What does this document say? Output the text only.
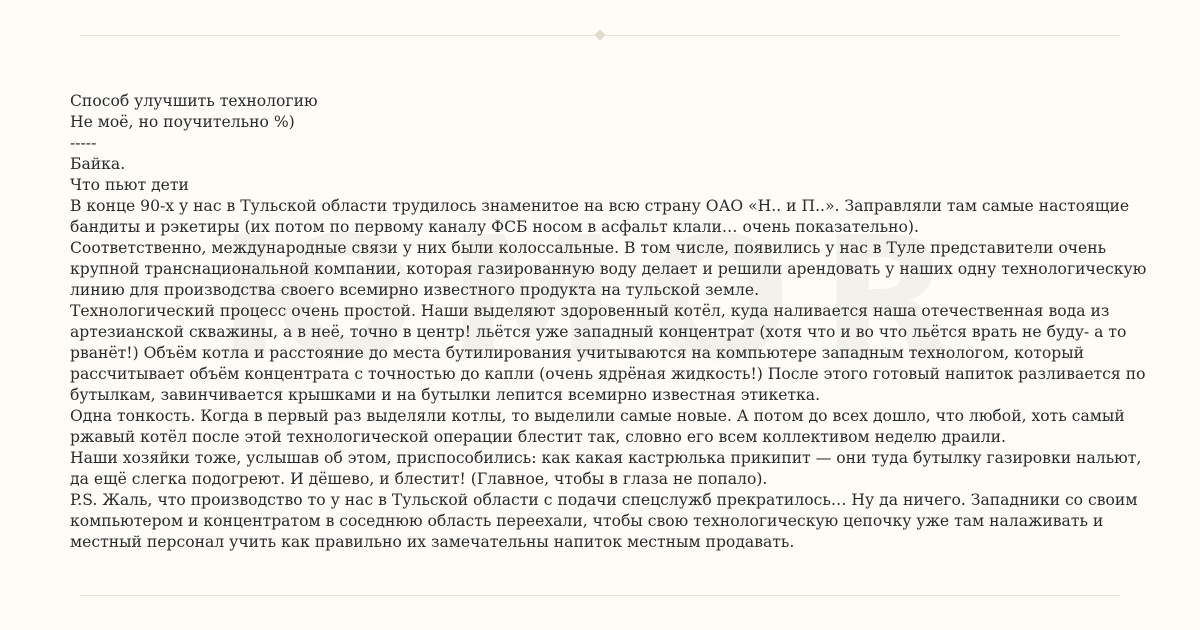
Способ улучшить технологию

Не моё, но поучительно %)

-----

Байка.

Что пьют дети

В конце 90-х у нас в Тульской области трудилось знаменитое на всю страну ОАО «Н.. и П..». Заправляли там самые настоящие бандиты и рэкетиры (их потом по первому каналу ФСБ носом в асфальт клали… очень показательно).

Соответственно, международные связи у них были колоссальные. В том числе, появились у нас в Туле представители очень крупной транснациональной компании, которая газированную воду делает и решили арендовать у наших одну технологическую линию для производства своего всемирно известного продукта на тульской земле.

Технологический процесс очень простой. Наши выделяют здоровенный котёл, куда наливается наша отечественная вода из артезианской скважины, а в неё, точно в центр! льётся уже западный концентрат (хотя что и во что льётся врать не буду- а то рванёт!) Объём котла и расстояние до места бутилирования учитываются на компьютере западным технологом, который рассчитывает объём концентрата с точностью до капли (очень ядрёная жидкость!) После этого готовый напиток разливается по бутылкам, завинчивается крышками и на бутылки лепится всемирно известная этикетка.

Одна тонкость. Когда в первый раз выделяли котлы, то выделили самые новые. А потом до всех дошло, что любой, хоть самый ржавый котёл после этой технологической операции блестит так, словно его всем коллективом неделю драили.

Наши хозяйки тоже, услышав об этом, приспособились: как какая кастрюлька прикипит — они туда бутылку газировки нальют, да ещё слегка подогреют. И дёшево, и блестит! (Главное, чтобы в глаза не попало).

P.S. Жаль, что производство то у нас в Тульской области с подачи спецслужб прекратилось… Ну да ничего. Западники со своим компьютером и концентратом в соседнюю область переехали, чтобы свою технологическую цепочку уже там налаживать и местный персонал учить как правильно их замечательны напиток местным продавать.
